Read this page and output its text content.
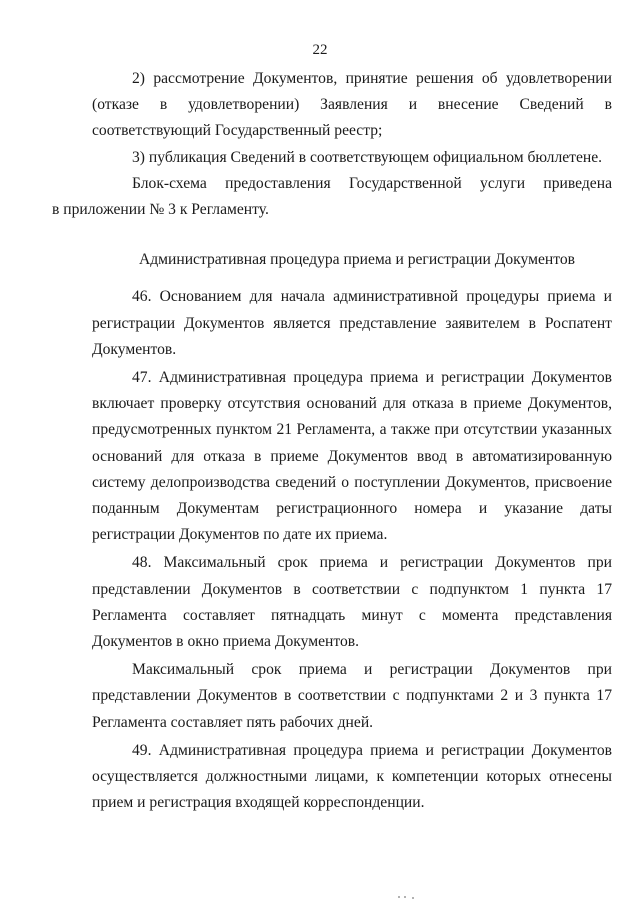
22

2) рассмотрение Документов, принятие решения об удовлетворении (отказе в удовлетворении) Заявления и внесение Сведений в соответствующий Государственный реестр;

3) публикация Сведений в соответствующем официальном бюллетене.

Блок-схема предоставления Государственной услуги приведена
в приложении № 3 к Регламенту.

Административная процедура приема и регистрации Документов

46. Основанием для начала административной процедуры приема и регистрации Документов является представление заявителем в Роспатент Документов.

47. Административная процедура приема и регистрации Документов включает проверку отсутствия оснований для отказа в приеме Документов, предусмотренных пунктом 21 Регламента, а также при отсутствии указанных оснований для отказа в приеме Документов ввод в автоматизированную систему делопроизводства сведений о поступлении Документов, присвоение поданным Документам регистрационного номера и указание даты регистрации Документов по дате их приема.

48. Максимальный срок приема и регистрации Документов при представлении Документов в соответствии с подпунктом 1 пункта 17 Регламента составляет пятнадцать минут с момента представления Документов в окно приема Документов.

Максимальный срок приема и регистрации Документов при представлении Документов в соответствии с подпунктами 2 и 3 пункта 17 Регламента составляет пять рабочих дней.

49. Административная процедура приема и регистрации Документов осуществляется должностными лицами, к компетенции которых отнесены прием и регистрация входящей корреспонденции.
